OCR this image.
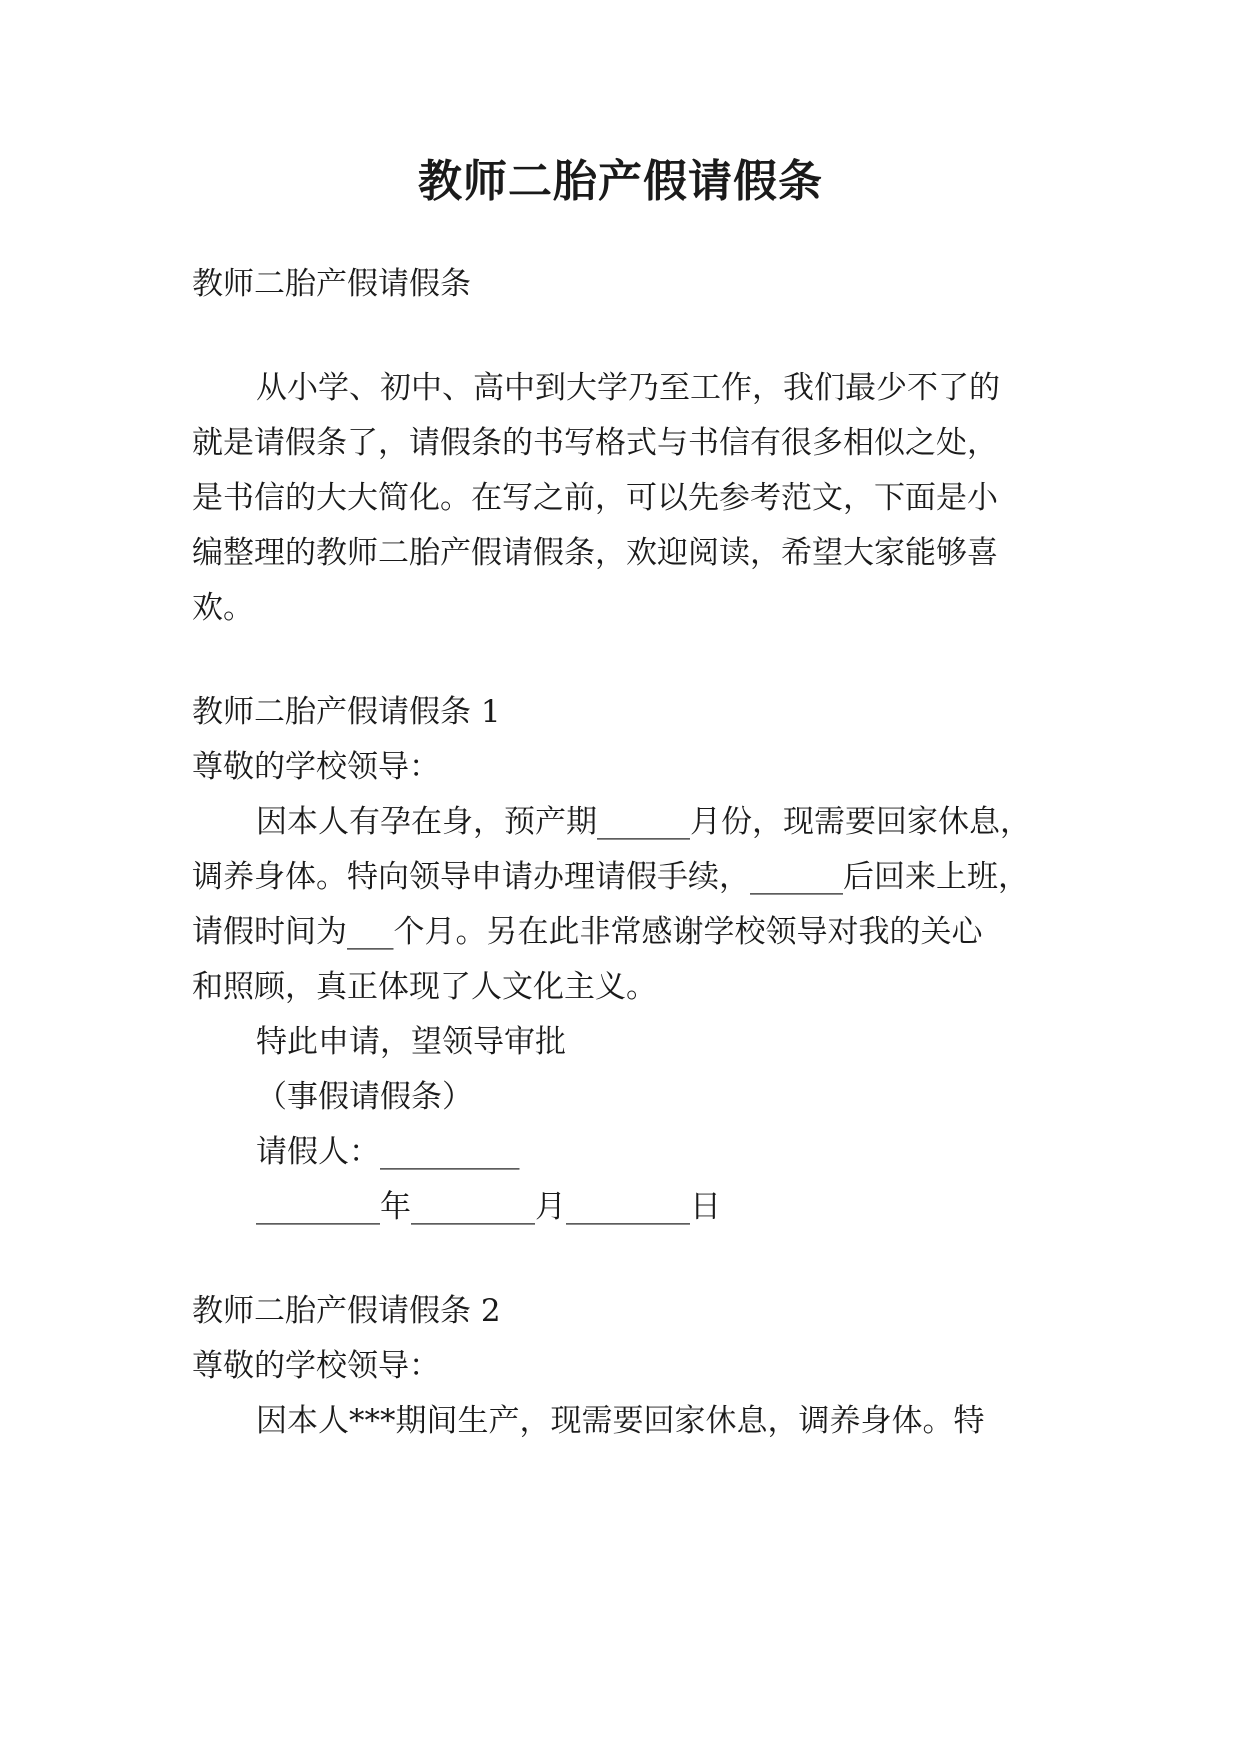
教师二胎产假请假条

教师二胎产假请假条

从小学、初中、高中到大学乃至工作，我们最少不了的

就是请假条了，请假条的书写格式与书信有很多相似之处，

是书信的大大简化。在写之前，可以先参考范文，下面是小

编整理的教师二胎产假请假条，欢迎阅读，希望大家能够喜

欢。

教师二胎产假请假条 1

尊敬的学校领导：

因本人有孕在身，预产期______月份，现需要回家休息，

调养身体。特向领导申请办理请假手续，______后回来上班，

请假时间为___个月。另在此非常感谢学校领导对我的关心

和照顾，真正体现了人文化主义。

特此申请，望领导审批

（事假请假条）

请假人：_________

________年________月________日

教师二胎产假请假条 2

尊敬的学校领导：

因本人***期间生产，现需要回家休息，调养身体。特
